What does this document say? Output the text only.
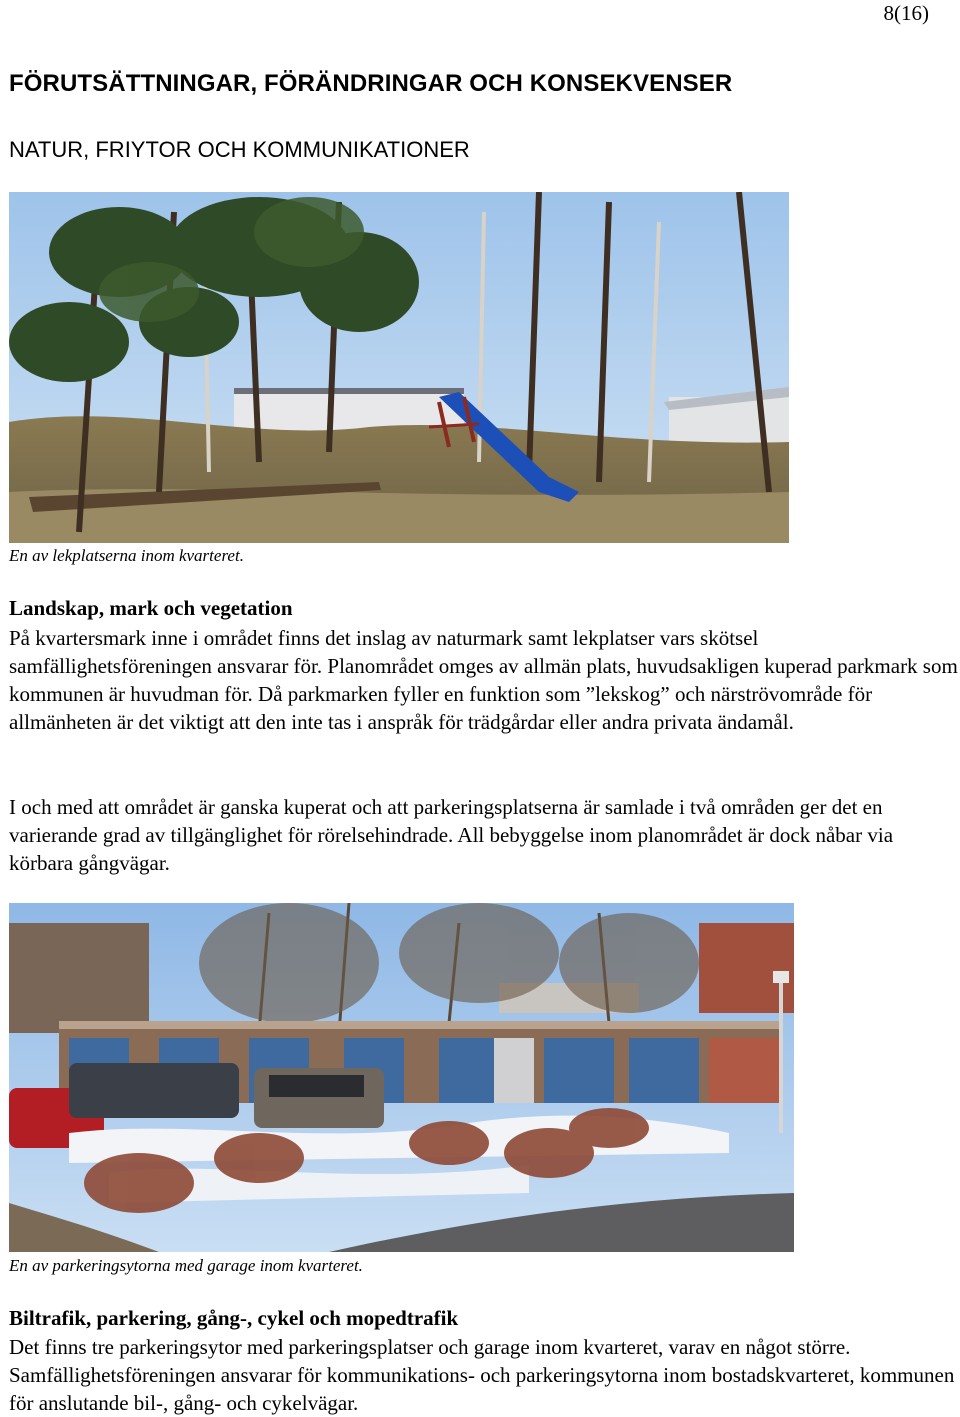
8(16)
FÖRUTSÄTTNINGAR, FÖRÄNDRINGAR OCH KONSEKVENSER
NATUR, FRIYTOR OCH KOMMUNIKATIONER
En av lekplatserna inom kvarteret.
Landskap, mark och vegetation
På kvartersmark inne i området finns det inslag av naturmark samt lekplatser vars skötsel samfällighetsföreningen ansvarar för. Planområdet omges av allmän plats, huvudsakligen kuperad parkmark som kommunen är huvudman för. Då parkmarken fyller en funktion som ”lekskog” och närströvområde för allmänheten är det viktigt att den inte tas i anspråk för trädgårdar eller andra privata ändamål.
I och med att området är ganska kuperat och att parkeringsplatserna är samlade i två områden ger det en varierande grad av tillgänglighet för rörelsehindrade. All bebyggelse inom planområdet är dock nåbar via körbara gångvägar.
En av parkeringsytorna med garage inom kvarteret.
Biltrafik, parkering, gång-, cykel och mopedtrafik
Det finns tre parkeringsytor med parkeringsplatser och garage inom kvarteret, varav en något större. Samfällighetsföreningen ansvarar för kommunikations- och parkeringsytorna inom bostadskvarteret, kommunen för anslutande bil-, gång- och cykelvägar.
